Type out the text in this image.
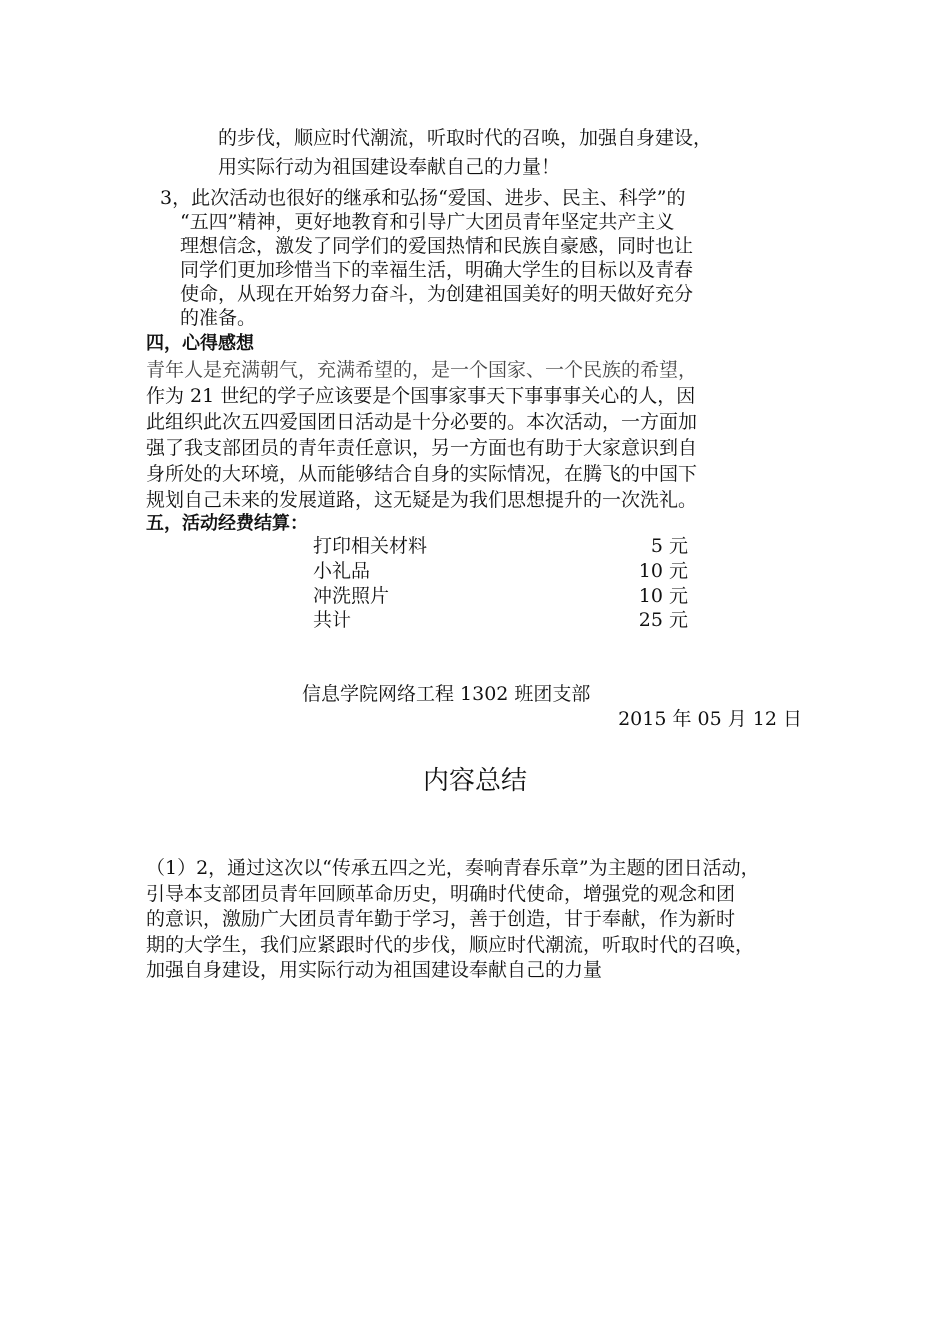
的步伐，顺应时代潮流，听取时代的召唤，加强自身建设，
用实际行动为祖国建设奉献自己的力量！
3，此次活动也很好的继承和弘扬“爱国、进步、民主、科学”的
“五四”精神，更好地教育和引导广大团员青年坚定共产主义
理想信念，激发了同学们的爱国热情和民族自豪感，同时也让
同学们更加珍惜当下的幸福生活，明确大学生的目标以及青春
使命，从现在开始努力奋斗，为创建祖国美好的明天做好充分
的准备。
四，心得感想
青年人是充满朝气，充满希望的，是一个国家、一个民族的希望，
作为 21 世纪的学子应该要是个国事家事天下事事事关心的人，因
此组织此次五四爱国团日活动是十分必要的。本次活动，一方面加
强了我支部团员的青年责任意识，另一方面也有助于大家意识到自
身所处的大环境，从而能够结合自身的实际情况，在腾飞的中国下
规划自己未来的发展道路，这无疑是为我们思想提升的一次洗礼。
五，活动经费结算：
打印相关材料	5 元
小礼品	10 元
冲洗照片	10 元
共计	25 元
信息学院网络工程 1302 班团支部
2015 年 05 月 12 日
内容总结
（1）2，通过这次以“传承五四之光，奏响青春乐章”为主题的团日活动，
引导本支部团员青年回顾革命历史，明确时代使命，增强党的观念和团
的意识，激励广大团员青年勤于学习，善于创造，甘于奉献，作为新时
期的大学生，我们应紧跟时代的步伐，顺应时代潮流，听取时代的召唤，
加强自身建设，用实际行动为祖国建设奉献自己的力量
